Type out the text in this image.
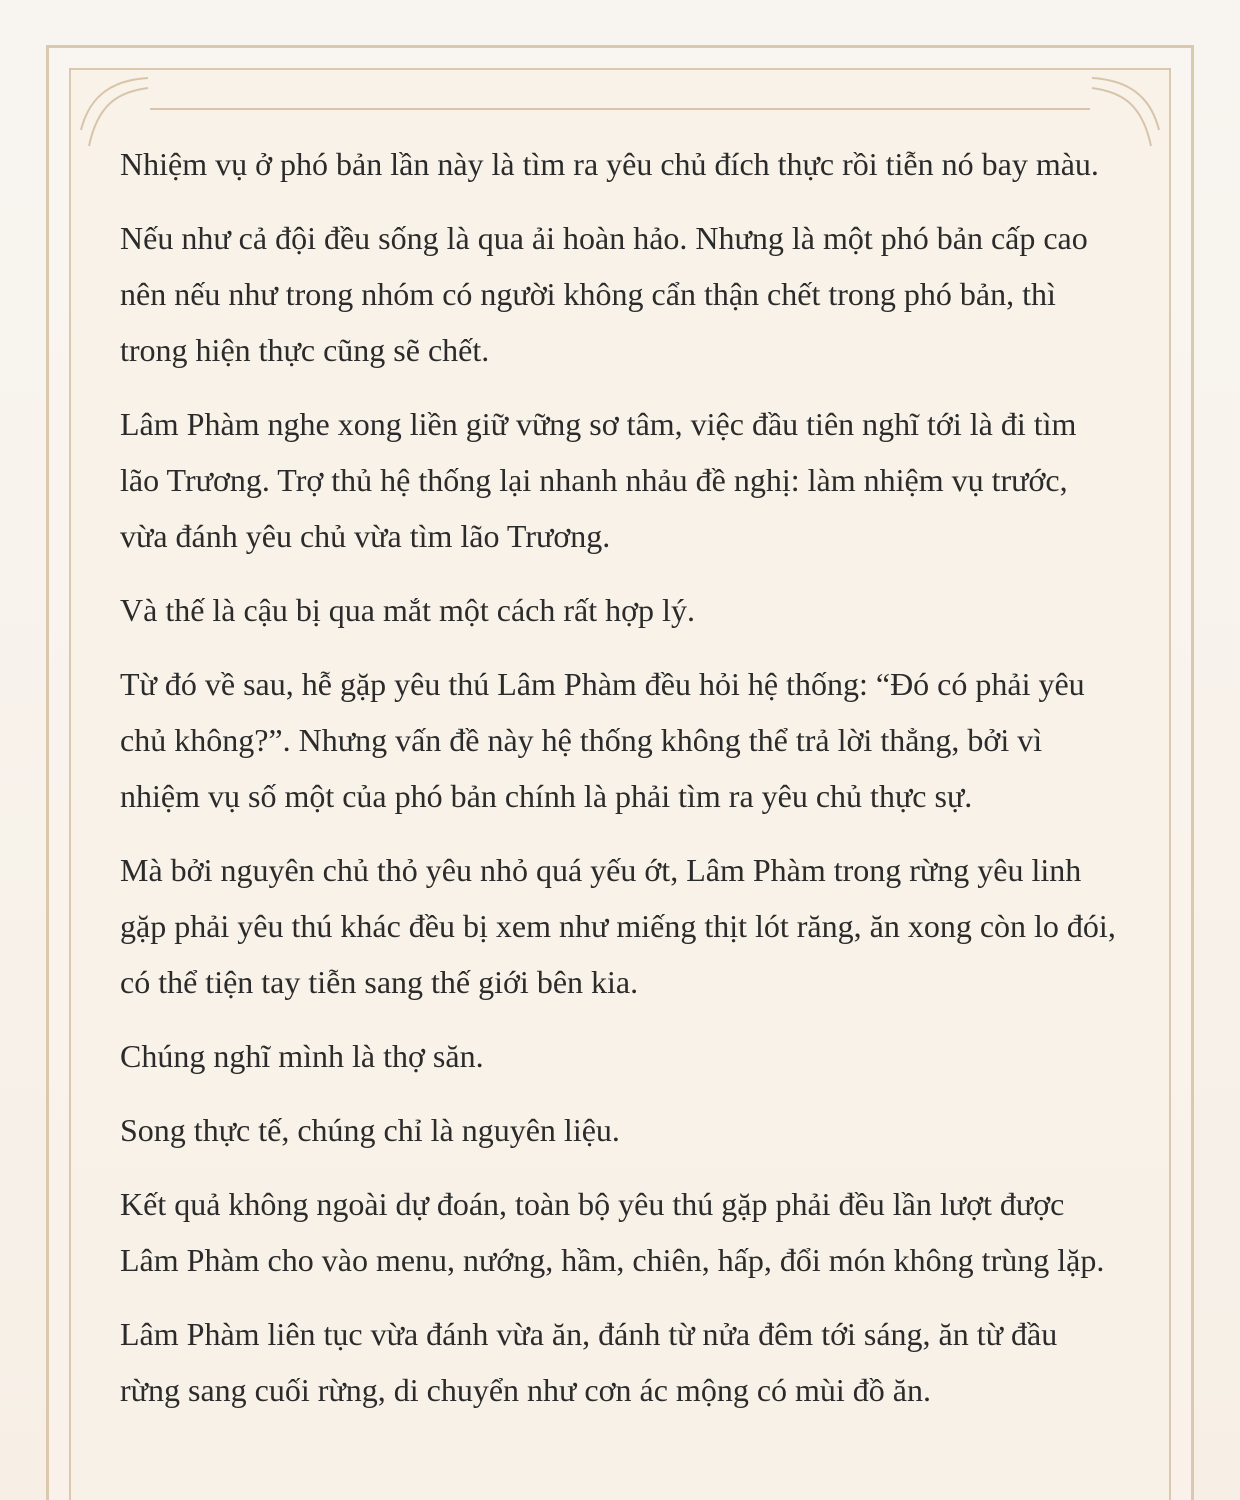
Nhiệm vụ ở phó bản lần này là tìm ra yêu chủ đích thực rồi tiễn nó bay màu.

Nếu như cả đội đều sống là qua ải hoàn hảo. Nhưng là một phó bản cấp cao nên nếu như trong nhóm có người không cẩn thận chết trong phó bản, thì trong hiện thực cũng sẽ chết.

Lâm Phàm nghe xong liền giữ vững sơ tâm, việc đầu tiên nghĩ tới là đi tìm lão Trương. Trợ thủ hệ thống lại nhanh nhảu đề nghị: làm nhiệm vụ trước, vừa đánh yêu chủ vừa tìm lão Trương.

Và thế là cậu bị qua mắt một cách rất hợp lý.

Từ đó về sau, hễ gặp yêu thú Lâm Phàm đều hỏi hệ thống: “Đó có phải yêu chủ không?”. Nhưng vấn đề này hệ thống không thể trả lời thẳng, bởi vì nhiệm vụ số một của phó bản chính là phải tìm ra yêu chủ thực sự.

Mà bởi nguyên chủ thỏ yêu nhỏ quá yếu ớt, Lâm Phàm trong rừng yêu linh gặp phải yêu thú khác đều bị xem như miếng thịt lót răng, ăn xong còn lo đói, có thể tiện tay tiễn sang thế giới bên kia.

Chúng nghĩ mình là thợ săn.

Song thực tế, chúng chỉ là nguyên liệu.

Kết quả không ngoài dự đoán, toàn bộ yêu thú gặp phải đều lần lượt được Lâm Phàm cho vào menu, nướng, hầm, chiên, hấp, đổi món không trùng lặp.

Lâm Phàm liên tục vừa đánh vừa ăn, đánh từ nửa đêm tới sáng, ăn từ đầu rừng sang cuối rừng, di chuyển như cơn ác mộng có mùi đồ ăn.
